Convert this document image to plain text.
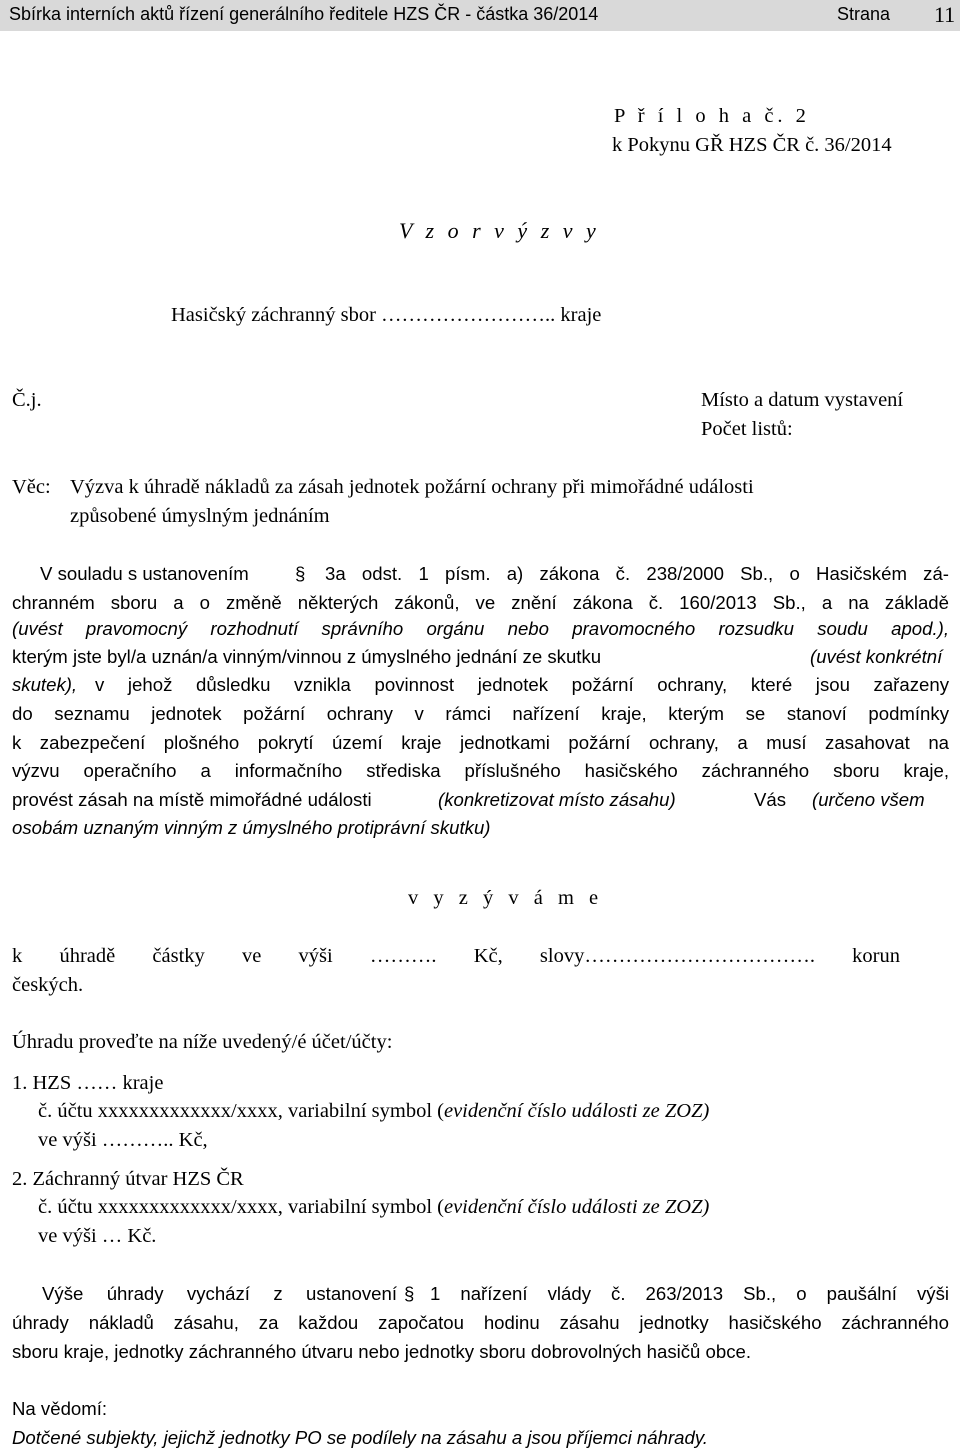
Sbírka interních aktů řízení generálního ředitele HZS ČR - částka 36/2014	Strana 11
P ř í l o h a č. 2
k Pokynu GŘ HZS ČR č. 36/2014
V z o r v ý z v y
Hasičský záchranný sbor …………………….. kraje
Č.j.	Místo a datum vystavení
Počet listů:
Věc: Výzva k úhradě nákladů za zásah jednotek požární ochrany při mimořádné události
způsobené úmyslným jednáním
V souladu s ustanovením § 3a odst. 1 písm. a) zákona č. 238/2000 Sb., o Hasičském zá-
chranném sboru a o změně některých zákonů, ve znění zákona č. 160/2013 Sb., a na základě
(uvést pravomocný rozhodnutí správního orgánu nebo pravomocného rozsudku soudu apod.),
kterým jste byl/a uznán/a vinným/vinnou z úmyslného jednání ze skutku	(uvést konkrétní
skutek), v jehož důsledku vznikla povinnost jednotek požární ochrany, které jsou zařazeny
do seznamu jednotek požární ochrany v rámci nařízení kraje, kterým se stanoví podmínky
k zabezpečení plošného pokrytí území kraje jednotkami požární ochrany, a musí zasahovat na
výzvu operačního a informačního střediska příslušného hasičského záchranného sboru kraje,
provést zásah na místě mimořádné události	(konkretizovat místo zásahu)	Vás (určeno všem
osobám uznaným vinným z úmyslného protiprávní skutku)
v y z ý v á m e
k úhradě částky ve výši ………. Kč, slovy……………………………. korun
českých.
Úhradu proveďte na níže uvedený/é účet/účty:
1. HZS …… kraje
č. účtu xxxxxxxxxxxxx/xxxx, variabilní symbol (evidenční číslo události ze ZOZ)
ve výši ……….. Kč,
2. Záchranný útvar HZS ČR
č. účtu xxxxxxxxxxxxx/xxxx, variabilní symbol (evidenční číslo události ze ZOZ)
ve výši … Kč.
Výše úhrady vychází z ustanovení § 1 nařízení vlády č. 263/2013 Sb., o paušální výši
úhrady nákladů zásahu, za každou započatou hodinu zásahu jednotky hasičského záchranného
sboru kraje, jednotky záchranného útvaru nebo jednotky sboru dobrovolných hasičů obce.
Na vědomí:
Dotčené subjekty, jejichž jednotky PO se podílely na zásahu a jsou příjemci náhrady.
